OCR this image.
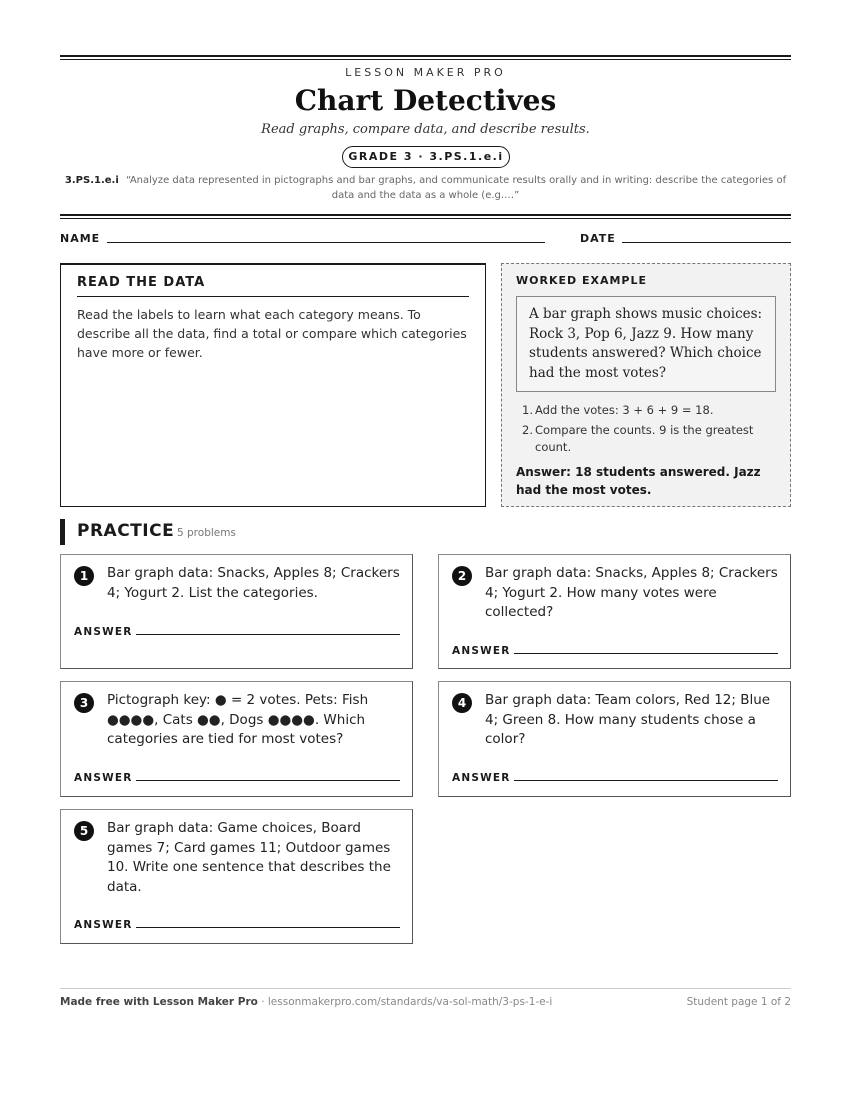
LESSON MAKER PRO
Chart Detectives
Read graphs, compare data, and describe results.
GRADE 3 · 3.PS.1.e.i
3.PS.1.e.i “Analyze data represented in pictographs and bar graphs, and communicate results orally and in writing: describe the categories of data and the data as a whole (e.g.…”
NAME	DATE
READ THE DATA
Read the labels to learn what each category means. To describe all the data, find a total or compare which categories have more or fewer.
WORKED EXAMPLE
A bar graph shows music choices: Rock 3, Pop 6, Jazz 9. How many students answered? Which choice had the most votes?
1. Add the votes: 3 + 6 + 9 = 18.
2. Compare the counts. 9 is the greatest count.
Answer: 18 students answered. Jazz had the most votes.
PRACTICE 5 problems
1	Bar graph data: Snacks, Apples 8; Crackers 4; Yogurt 2. List the categories.
ANSWER
2	Bar graph data: Snacks, Apples 8; Crackers 4; Yogurt 2. How many votes were collected?
ANSWER
3	Pictograph key: ● = 2 votes. Pets: Fish ●●●●, Cats ●●, Dogs ●●●●. Which categories are tied for most votes?
ANSWER
4	Bar graph data: Team colors, Red 12; Blue 4; Green 8. How many students chose a color?
ANSWER
5	Bar graph data: Game choices, Board games 7; Card games 11; Outdoor games 10. Write one sentence that describes the data.
ANSWER
Made free with Lesson Maker Pro · lessonmakerpro.com/standards/va-sol-math/3-ps-1-e-i	Student page 1 of 2
